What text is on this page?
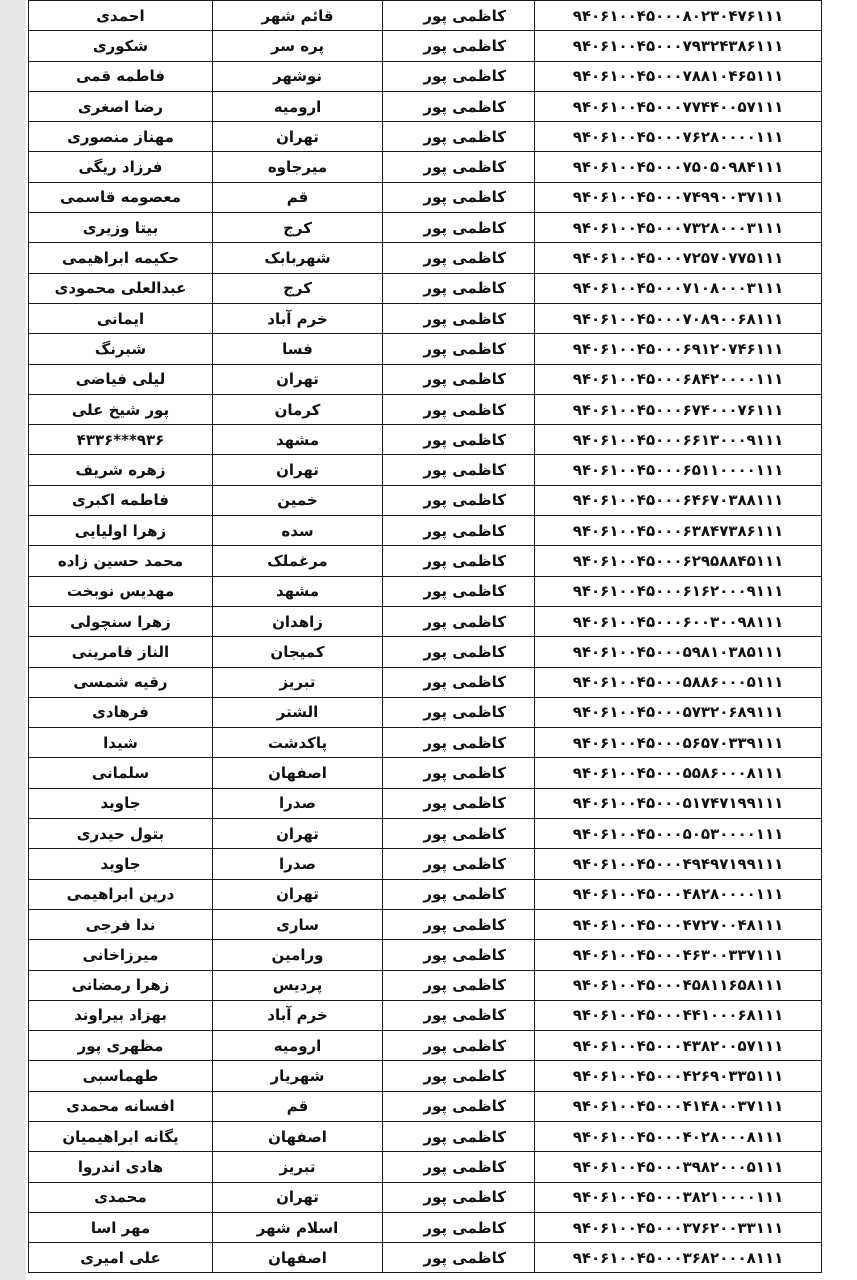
۹۴۰۶۱۰۰۴۵۰۰۰۸۰۲۳۰۴۷۶۱۱۱	کاظمی پور	قائم شهر	احمدی
۹۴۰۶۱۰۰۴۵۰۰۰۷۹۳۲۴۳۸۶۱۱۱	کاظمی پور	پره سر	شکوری
۹۴۰۶۱۰۰۴۵۰۰۰۷۸۸۱۰۴۶۵۱۱۱	کاظمی پور	نوشهر	فاطمه قمی
۹۴۰۶۱۰۰۴۵۰۰۰۷۷۴۴۰۰۵۷۱۱۱	کاظمی پور	ارومیه	رضا اصغری
۹۴۰۶۱۰۰۴۵۰۰۰۷۶۲۸۰۰۰۰۱۱۱	کاظمی پور	تهران	مهناز منصوری
۹۴۰۶۱۰۰۴۵۰۰۰۷۵۰۵۰۹۸۴۱۱۱	کاظمی پور	میرجاوه	فرزاد ریگی
۹۴۰۶۱۰۰۴۵۰۰۰۷۴۹۹۰۰۳۷۱۱۱	کاظمی پور	قم	معصومه قاسمی
۹۴۰۶۱۰۰۴۵۰۰۰۷۳۲۸۰۰۰۳۱۱۱	کاظمی پور	کرج	بیتا وزیری
۹۴۰۶۱۰۰۴۵۰۰۰۷۲۵۷۰۷۷۵۱۱۱	کاظمی پور	شهربابک	حکیمه ابراهیمی
۹۴۰۶۱۰۰۴۵۰۰۰۷۱۰۸۰۰۰۳۱۱۱	کاظمی پور	کرج	عبدالعلی محمودی
۹۴۰۶۱۰۰۴۵۰۰۰۷۰۸۹۰۰۶۸۱۱۱	کاظمی پور	خرم آباد	ایمانی
۹۴۰۶۱۰۰۴۵۰۰۰۶۹۱۲۰۷۴۶۱۱۱	کاظمی پور	فسا	شبرنگ
۹۴۰۶۱۰۰۴۵۰۰۰۶۸۴۲۰۰۰۰۱۱۱	کاظمی پور	تهران	لیلی فیاضی
۹۴۰۶۱۰۰۴۵۰۰۰۶۷۴۰۰۰۷۶۱۱۱	کاظمی پور	کرمان	پور شیخ علی
۹۴۰۶۱۰۰۴۵۰۰۰۶۶۱۳۰۰۰۹۱۱۱	کاظمی پور	مشهد	۹۳۶***۴۳۳۶
۹۴۰۶۱۰۰۴۵۰۰۰۶۵۱۱۰۰۰۰۱۱۱	کاظمی پور	تهران	زهره شریف
۹۴۰۶۱۰۰۴۵۰۰۰۶۴۶۷۰۳۸۸۱۱۱	کاظمی پور	خمین	فاطمه اکبری
۹۴۰۶۱۰۰۴۵۰۰۰۶۳۸۴۷۳۸۶۱۱۱	کاظمی پور	سده	زهرا اولیایی
۹۴۰۶۱۰۰۴۵۰۰۰۶۲۹۵۸۸۴۵۱۱۱	کاظمی پور	مرغملک	محمد حسین زاده
۹۴۰۶۱۰۰۴۵۰۰۰۶۱۶۲۰۰۰۹۱۱۱	کاظمی پور	مشهد	مهدیس نوبخت
۹۴۰۶۱۰۰۴۵۰۰۰۶۰۰۳۰۰۹۸۱۱۱	کاظمی پور	زاهدان	زهرا سنچولی
۹۴۰۶۱۰۰۴۵۰۰۰۵۹۸۱۰۳۸۵۱۱۱	کاظمی پور	کمیجان	الناز فامرینی
۹۴۰۶۱۰۰۴۵۰۰۰۵۸۸۶۰۰۰۵۱۱۱	کاظمی پور	تبریز	رقیه شمسی
۹۴۰۶۱۰۰۴۵۰۰۰۵۷۳۲۰۶۸۹۱۱۱	کاظمی پور	الشتر	فرهادی
۹۴۰۶۱۰۰۴۵۰۰۰۵۶۵۷۰۳۳۹۱۱۱	کاظمی پور	پاکدشت	شیدا
۹۴۰۶۱۰۰۴۵۰۰۰۵۵۸۶۰۰۰۸۱۱۱	کاظمی پور	اصفهان	سلمانی
۹۴۰۶۱۰۰۴۵۰۰۰۵۱۷۴۷۱۹۹۱۱۱	کاظمی پور	صدرا	جاوید
۹۴۰۶۱۰۰۴۵۰۰۰۵۰۵۳۰۰۰۰۱۱۱	کاظمی پور	تهران	بتول حیدری
۹۴۰۶۱۰۰۴۵۰۰۰۴۹۴۹۷۱۹۹۱۱۱	کاظمی پور	صدرا	جاوید
۹۴۰۶۱۰۰۴۵۰۰۰۴۸۲۸۰۰۰۰۱۱۱	کاظمی پور	تهران	درین ابراهیمی
۹۴۰۶۱۰۰۴۵۰۰۰۴۷۲۷۰۰۴۸۱۱۱	کاظمی پور	ساری	ندا فرجی
۹۴۰۶۱۰۰۴۵۰۰۰۴۶۳۰۰۳۳۷۱۱۱	کاظمی پور	ورامین	میرزاخانی
۹۴۰۶۱۰۰۴۵۰۰۰۴۵۸۱۱۶۵۸۱۱۱	کاظمی پور	پردیس	زهرا رمضانی
۹۴۰۶۱۰۰۴۵۰۰۰۴۴۱۰۰۰۶۸۱۱۱	کاظمی پور	خرم آباد	بهزاد بیراوند
۹۴۰۶۱۰۰۴۵۰۰۰۴۳۸۲۰۰۵۷۱۱۱	کاظمی پور	ارومیه	مظهری پور
۹۴۰۶۱۰۰۴۵۰۰۰۴۲۶۹۰۳۳۵۱۱۱	کاظمی پور	شهریار	طهماسبی
۹۴۰۶۱۰۰۴۵۰۰۰۴۱۴۸۰۰۳۷۱۱۱	کاظمی پور	قم	افسانه محمدی
۹۴۰۶۱۰۰۴۵۰۰۰۴۰۲۸۰۰۰۸۱۱۱	کاظمی پور	اصفهان	یگانه ابراهیمیان
۹۴۰۶۱۰۰۴۵۰۰۰۳۹۸۲۰۰۰۵۱۱۱	کاظمی پور	تبریز	هادی اندروا
۹۴۰۶۱۰۰۴۵۰۰۰۳۸۲۱۰۰۰۰۱۱۱	کاظمی پور	تهران	محمدی
۹۴۰۶۱۰۰۴۵۰۰۰۳۷۶۲۰۰۳۳۱۱۱	کاظمی پور	اسلام شهر	مهر اسا
۹۴۰۶۱۰۰۴۵۰۰۰۳۶۸۲۰۰۰۸۱۱۱	کاظمی پور	اصفهان	علی امیری
